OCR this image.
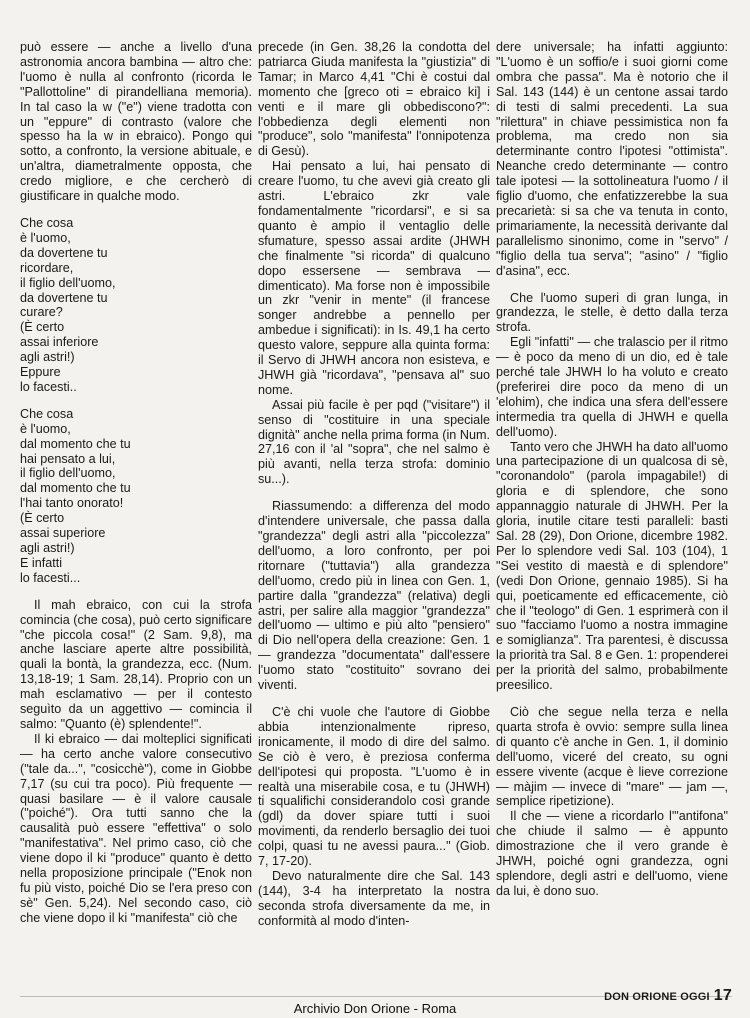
può essere — anche a livello d'una astronomia ancora bambina — altro che: l'uomo è nulla al confronto (ricorda le "Pallottoline" di pirandelliana memoria). In tal caso la w ("e") viene tradotta con un "eppure" di contrasto (valore che spesso ha la w in ebraico). Pongo qui sotto, a confronto, la versione abituale, e un'altra, diametralmente opposta, che credo migliore, e che cercherò di giustificare in qualche modo.

Che cosa
è l'uomo,
da dovertene tu
ricordare,
il figlio dell'uomo,
da dovertene tu
curare?
(È certo
assai inferiore
agli astri!)
Eppure
lo facesti..
Che cosa
è l'uomo,
dal momento che tu
hai pensato a lui,
il figlio dell'uomo,
dal momento che tu
l'hai tanto onorato!
(È certo
assai superiore
agli astri!)
E infatti
lo facesti...

Il mah ebraico, con cui la strofa comincia (che cosa), può certo significare "che piccola cosa!" (2 Sam. 9,8), ma anche lasciare aperte altre possibilità, quali la bontà, la grandezza, ecc. (Num. 13,18-19; 1 Sam. 28,14). Proprio con un mah esclamativo — per il contesto seguìto da un aggettivo — comincia il salmo: "Quanto (è) splendente!".

Il ki ebraico — dai molteplici significati — ha certo anche valore consecutivo ("tale da...", "cosicchè"), come in Giobbe 7,17 (su cui tra poco). Più frequente — quasi basilare — è il valore causale ("poiché"). Ora tutti sanno che la causalità può essere "effettiva" o solo "manifestativa". Nel primo caso, ciò che viene dopo il ki "produce" quanto è detto nella proposizione principale ("Enok non fu più visto, poiché Dio se l'era preso con sè" Gen. 5,24). Nel secondo caso, ciò che viene dopo il ki "manifesta" ciò che

precede (in Gen. 38,26 la condotta del patriarca Giuda manifesta la "giustizia" di Tamar; in Marco 4,41 "Chi è costui dal momento che [greco oti = ebraico ki] i venti e il mare gli obbediscono?": l'obbedienza degli elementi non "produce", solo "manifesta" l'onnipotenza di Gesù).

Hai pensato a lui, hai pensato di creare l'uomo, tu che avevi già creato gli astri. L'ebraico zkr vale fondamentalmente "ricordarsi", e si sa quanto è ampio il ventaglio delle sfumature, spesso assai ardite (JHWH che finalmente "si ricorda" di qualcuno dopo essersene — sembrava — dimenticato). Ma forse non è impossibile un zkr "venir in mente" (il francese songer andrebbe a pennello per ambedue i significati): in Is. 49,1 ha certo questo valore, seppure alla quinta forma: il Servo di JHWH ancora non esisteva, e JHWH già "ricordava", "pensava al" suo nome.

Assai più facile è per pqd ("visitare") il senso di "costituire in una speciale dignità" anche nella prima forma (in Num. 27,16 con il 'al "sopra", che nel salmo è più avanti, nella terza strofa: dominio su...).

Riassumendo: a differenza del modo d'intendere universale, che passa dalla "grandezza" degli astri alla "piccolezza" dell'uomo, a loro confronto, per poi ritornare ("tuttavia") alla grandezza dell'uomo, credo più in linea con Gen. 1, partire dalla "grandezza" (relativa) degli astri, per salire alla maggior "grandezza" dell'uomo — ultimo e più alto "pensiero" di Dio nell'opera della creazione: Gen. 1 — grandezza "documentata" dall'essere l'uomo stato "costituito" sovrano dei viventi.

C'è chi vuole che l'autore di Giobbe abbia intenzionalmente ripreso, ironicamente, il modo di dire del salmo. Se ciò è vero, è preziosa conferma dell'ipotesi qui proposta. "L'uomo è in realtà una miserabile cosa, e tu (JHWH) ti squalifichi considerandolo così grande (gdl) da dover spiare tutti i suoi movimenti, da renderlo bersaglio dei tuoi colpi, quasi tu ne avessi paura..." (Giob. 7, 17-20).

Devo naturalmente dire che Sal. 143 (144), 3-4 ha interpretato la nostra seconda strofa diversamente da me, in conformità al modo d'inten-

dere universale; ha infatti aggiunto: "L'uomo è un soffio/e i suoi giorni come ombra che passa". Ma è notorio che il Sal. 143 (144) è un centone assai tardo di testi di salmi precedenti. La sua "rilettura" in chiave pessimistica non fa problema, ma credo non sia determinante contro l'ipotesi "ottimista". Neanche credo determinante — contro tale ipotesi — la sottolineatura l'uomo / il figlio d'uomo, che enfatizzerebbe la sua precarietà: si sa che va tenuta in conto, primariamente, la necessità derivante dal parallelismo sinonimo, come in "servo" / "figlio della tua serva"; "asino" / "figlio d'asina", ecc.

Che l'uomo superi di gran lunga, in grandezza, le stelle, è detto dalla terza strofa.

Egli "infatti" — che tralascio per il ritmo — è poco da meno di un dio, ed è tale perché tale JHWH lo ha voluto e creato (preferirei dire poco da meno di un 'elohim), che indica una sfera dell'essere intermedia tra quella di JHWH e quella dell'uomo).

Tanto vero che JHWH ha dato all'uomo una partecipazione di un qualcosa di sè, "coronandolo" (parola impagabile!) di gloria e di splendore, che sono appannaggio naturale di JHWH. Per la gloria, inutile citare testi paralleli: basti Sal. 28 (29), Don Orione, dicembre 1982. Per lo splendore vedi Sal. 103 (104), 1 "Sei vestito di maestà e di splendore" (vedi Don Orione, gennaio 1985). Si ha qui, poeticamente ed efficacemente, ciò che il "teologo" di Gen. 1 esprimerà con il suo "facciamo l'uomo a nostra immagine e somiglianza". Tra parentesi, è discussa la priorità tra Sal. 8 e Gen. 1: propenderei per la priorità del salmo, probabilmente preesilico.

Ciò che segue nella terza e nella quarta strofa è ovvio: sempre sulla linea di quanto c'è anche in Gen. 1, il dominio dell'uomo, viceré del creato, su ogni essere vivente (acque è lieve correzione — màjim — invece di "mare" — jam —, semplice ripetizione).

Il che — viene a ricordarlo l'"antifona" che chiude il salmo — è appunto dimostrazione che il vero grande è JHWH, poiché ogni grandezza, ogni splendore, degli astri e dell'uomo, viene da lui, è dono suo.

DON ORIONE OGGI 17
Archivio Don Orione - Roma
